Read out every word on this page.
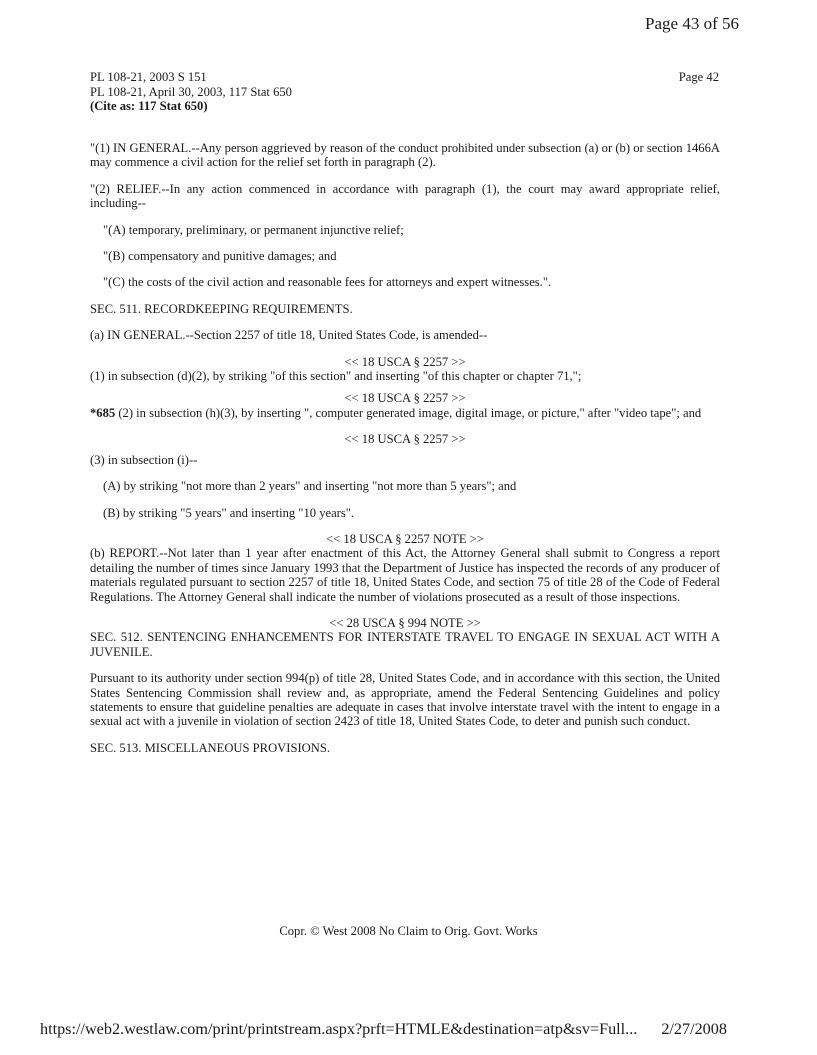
Page 43 of 56
PL 108-21, 2003 S 151
PL 108-21, April 30, 2003, 117 Stat 650
(Cite as: 117 Stat 650)
Page 42

"(1) IN GENERAL.--Any person aggrieved by reason of the conduct prohibited under subsection (a) or (b) or section 1466A may commence a civil action for the relief set forth in paragraph (2).

"(2) RELIEF.--In any action commenced in accordance with paragraph (1), the court may award appropriate relief, including--

"(A) temporary, preliminary, or permanent injunctive relief;

"(B) compensatory and punitive damages; and

"(C) the costs of the civil action and reasonable fees for attorneys and expert witnesses.".

SEC. 511. RECORDKEEPING REQUIREMENTS.

(a) IN GENERAL.--Section 2257 of title 18, United States Code, is amended--

<< 18 USCA § 2257 >>

(1) in subsection (d)(2), by striking "of this section" and inserting "of this chapter or chapter 71,";

<< 18 USCA § 2257 >>

*685 (2) in subsection (h)(3), by inserting ", computer generated image, digital image, or picture," after "video tape"; and

<< 18 USCA § 2257 >>

(3) in subsection (i)--

(A) by striking "not more than 2 years" and inserting "not more than 5 years"; and

(B) by striking "5 years" and inserting "10 years".

<< 18 USCA § 2257 NOTE >>

(b) REPORT.--Not later than 1 year after enactment of this Act, the Attorney General shall submit to Congress a report detailing the number of times since January 1993 that the Department of Justice has inspected the records of any producer of materials regulated pursuant to section 2257 of title 18, United States Code, and section 75 of title 28 of the Code of Federal Regulations. The Attorney General shall indicate the number of violations prosecuted as a result of those inspections.

<< 28 USCA § 994 NOTE >>

SEC. 512. SENTENCING ENHANCEMENTS FOR INTERSTATE TRAVEL TO ENGAGE IN SEXUAL ACT WITH A JUVENILE.

Pursuant to its authority under section 994(p) of title 28, United States Code, and in accordance with this section, the United States Sentencing Commission shall review and, as appropriate, amend the Federal Sentencing Guidelines and policy statements to ensure that guideline penalties are adequate in cases that involve interstate travel with the intent to engage in a sexual act with a juvenile in violation of section 2423 of title 18, United States Code, to deter and punish such conduct.

SEC. 513. MISCELLANEOUS PROVISIONS.

Copr. © West 2008 No Claim to Orig. Govt. Works
https://web2.westlaw.com/print/printstream.aspx?prft=HTMLE&destination=atp&sv=Full... 2/27/2008
